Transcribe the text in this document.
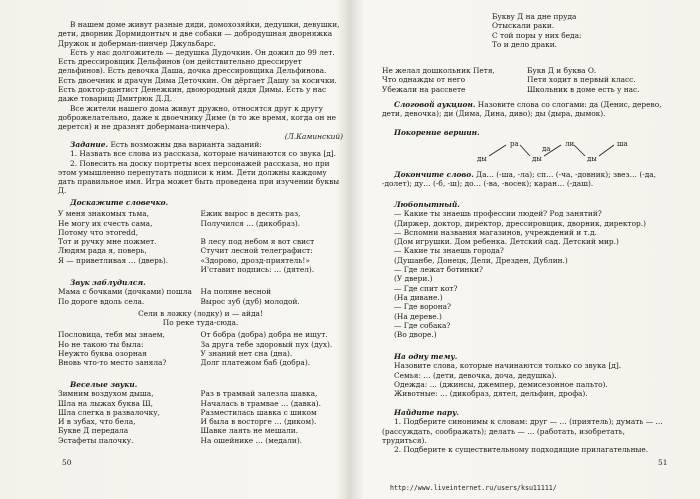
В нашем доме живут разные дяди, домохозяйки, дедушки, девушки, дети, дворник Дормидонтыч и две собаки — добродушная дворняжка Дружок и доберман-пинчер Джульбарс.

Есть у нас долгожитель — дедушка Дудочкин. Он дожил до 99 лет. Есть дрессировщик Дельфинов (он действительно дрессирует дельфинов). Есть девочка Даша, дочка дрессировщика Дельфинова. Есть двоечник и драчун Дима Деточкин. Он дёргает Дашу за косички. Есть доктор-дантист Денежкин, двоюродный дядя Димы. Есть у нас даже товарищ Дмитрюк Д.Д.

Все жители нашего дома живут дружно, относятся друг к другу доброжелательно, даже к двоечнику Диме (в то же время, когда он не дерется) и не дразнят добермана-пинчера).

(Л.Каминский)

Задание. Есть возможны два варианта заданий:

1. Назвать все слова из рассказа, которые начинаются со звука [д].

2. Повесить на доску портреты всех персонажей рассказа, но при этом умышленно перепутать подписи к ним. Дети должны каждому дать правильное имя. Игра может быть проведена при изучении буквы Д.

Доскажите словечко.
У меня знакомых тьма,
Не могу их счесть сама,
Потому что этоredd,
Тот и ручку мне пожмет.
Людям рада я, поверь,
Я — приветливая … (дверь).
Ежик вырос в десять раз,
Получился … (дикобраз).
В лесу под небом я вот свист
Стучит лесной телеграфист:
«Здорово, дрозд-приятель!»
И'ставит подпись: … (дятел).
Звук заблудился.
Мама с бочками (дочками) пошла
По дороге вдоль села.
На поляне весной
Вырос зуб (дуб) молодой.
Сели в ложку (лодку) и — айда!
По реке туда-сюда.
Пословица, тебя мы знаем,
Но не такою ты была:
Неужто буква озорная
Вновь что-то место заняла?
От бобра (добра) добра не ищут.
За друга тебе здоровый пух (дух).
У знаний нет сна (дна).
Долг платежом баб (добра).
Веселые звуки.
Зимним воздухом дыша,
Шла на лыжах буква Ш,
Шла слегка в развалочку,
И в зубах, что бела,
Букве Д передала
Эстафеты палочку.
Раз в трамвай залезла шавка,
Началась в трамвае … (давка).
Разместилась шавка с шиком
И была в восторге … (диком).
Шавке лаять не мешали.
На ошейнике … (медали).
50
Букву Д на дне пруда
Отыскали раки.
С той поры у них беда:
То и дело драки.
Не желал дошкольник Петя,
Что однажды от него
Убежали на рассвете
Букв Д и буква О.
Петя ходит в первый класс.
Школьник в доме есть у нас.

Слоговой аукцион. Назовите слова со слогами: да (Денис, дерево, дети, девочка); ди (Дима, Дина, диво); ды (дыра, дымок).

Покорение вершин.
ды
ра
ды
ли
ды
ша
да

Докончите слово. Да… (-ша, -ла); сп… (-ча, -довник); звез… (-да, -долет); ду… (-б, -ш); до… (-ва, -восек); каран… (-даш).

Любопытный.
— Какие ты знаешь профессии людей? Род занятий?
(Диржер, доктор, директор, дрессировщик, дворник, директор.)
— Вспомни названия магазинов, учреждений и т.д.
(Дом игрушки. Дом ребенка. Детский сад. Детский мир.)
— Какие ты знаешь города?
(Душанбе, Донецк, Дели, Дрезден, Дублин.)
— Где лежат ботинки?
(У двери.)
— Где спит кот?
(На диване.)
— Где ворона?
(На дереве.)
— Где собака?
(Во дворе.)
На одну тему.
Назовите слова, которые начинаются только со звука [д].
Семья: … (дети, девочка, доча, дедушка).
Одежда: … (джинсы, джемпер, демисезонное пальто).
Животные: … (дикобраз, дятел, дельфин, дрофа).
Найдите пару.

1. Подберите синонимы к словам: друг — … (приятель); думать — … (рассуждать, соображать); делать — … (работать, изобретать, трудиться).

2. Подберите к существительному подходящие прилагательные.

51
http://www.liveinternet.ru/users/ksu11111/
